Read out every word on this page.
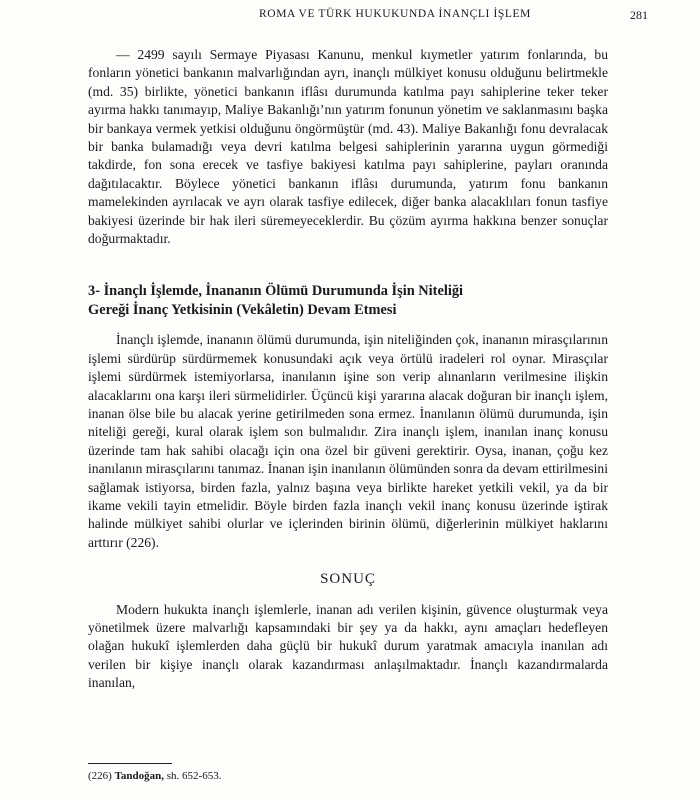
ROMA VE TÜRK HUKUKUNDA İNANÇLI İŞLEM	281

— 2499 sayılı Sermaye Piyasası Kanunu, menkul kıymetler yatırım fonlarında, bu fonların yönetici bankanın malvarlığından ayrı, inançlı mülkiyet konusu olduğunu belirtmekle (md. 35) birlikte, yönetici bankanın iflâsı durumunda katılma payı sahiplerine teker teker ayırma hakkı tanımayıp, Maliye Bakanlığı’nın yatırım fonunun yönetim ve saklanmasını başka bir bankaya vermek yetkisi olduğunu öngörmüştür (md. 43). Maliye Bakanlığı fonu devralacak bir banka bulamadığı veya devri katılma belgesi sahiplerinin yararına uygun görmediği takdirde, fon sona erecek ve tasfiye bakiyesi katılma payı sahiplerine, payları oranında dağıtılacaktır. Böylece yönetici bankanın iflâsı durumunda, yatırım fonu bankanın mamelekinden ayrılacak ve ayrı olarak tasfiye edilecek, diğer banka alacaklıları fonun tasfiye bakiyesi üzerinde bir hak ileri süremeyeceklerdir. Bu çözüm ayırma hakkına benzer sonuçlar doğurmaktadır.

3- İnançlı İşlemde, İnananın Ölümü Durumunda İşin Niteliği
Gereği İnanç Yetkisinin (Vekâletin) Devam Etmesi

İnançlı işlemde, inananın ölümü durumunda, işin niteliğinden çok, inananın mirasçılarının işlemi sürdürüp sürdürmemek konusundaki açık veya örtülü iradeleri rol oynar. Mirasçılar işlemi sürdürmek istemiyorlarsa, inanılanın işine son verip alınanların verilmesine ilişkin alacaklarını ona karşı ileri sürmelidirler. Üçüncü kişi yararına alacak doğuran bir inançlı işlem, inanan ölse bile bu alacak yerine getirilmeden sona ermez. İnanılanın ölümü durumunda, işin niteliği gereği, kural olarak işlem son bulmalıdır. Zira inançlı işlem, inanılan inanç konusu üzerinde tam hak sahibi olacağı için ona özel bir güveni gerektirir. Oysa, inanan, çoğu kez inanılanın mirasçılarını tanımaz. İnanan işin inanılanın ölümünden sonra da devam ettirilmesini sağlamak istiyorsa, birden fazla, yalnız başına veya birlikte hareket yetkili vekil, ya da bir ikame vekili tayin etmelidir. Böyle birden fazla inançlı vekil inanç konusu üzerinde iştirak halinde mülkiyet sahibi olurlar ve içlerinden birinin ölümü, diğerlerinin mülkiyet haklarını arttırır (226).

SONUÇ

Modern hukukta inançlı işlemlerle, inanan adı verilen kişinin, güvence oluşturmak veya yönetilmek üzere malvarlığı kapsamındaki bir şey ya da hakkı, aynı amaçları hedefleyen olağan hukukî işlemlerden daha güçlü bir hukukî durum yaratmak amacıyla inanılan adı verilen bir kişiye inançlı olarak kazandırması anlaşılmaktadır. İnançlı kazandırmalarda inanılan,

(226) Tandoğan, sh. 652-653.
